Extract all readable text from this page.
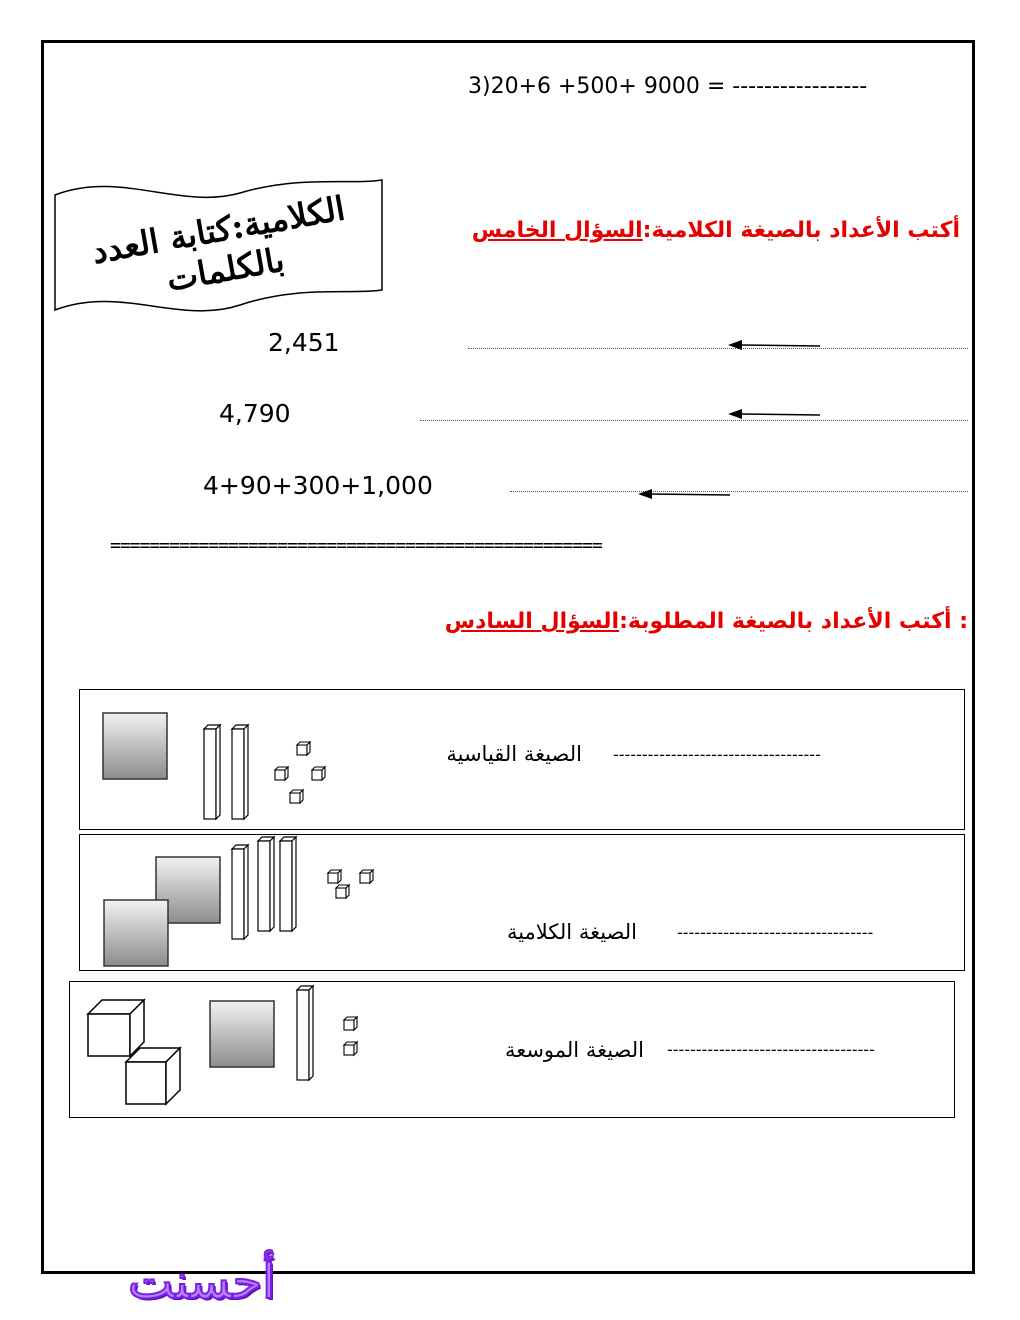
3)20+6 +500+ 9000 = -----------------
الكلامية:كتابة العدد بالكلمات
أكتب الأعداد بالصيغة الكلامية:السؤال الخامس
2,451
4,790
4+90+300+1,000
==================================================
: أكتب الأعداد بالصيغة المطلوبة:السؤال السادس
الصيغة القياسية ------------------------------------
الصيغة الكلامية	----------------------------------
الصيغة الموسعة ------------------------------------
أحسنت
